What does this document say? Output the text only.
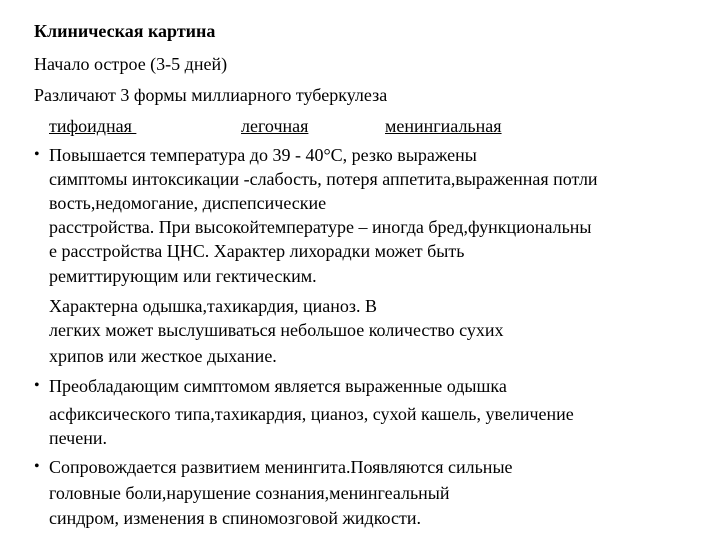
Клиническая картина
Начало острое (3-5 дней)
Различают 3 формы миллиарного туберкулеза
тифоидная	легочная	менингиальная
• Повышается температура до 39 - 40°С, резко выражены
симптомы интоксикации -слабость, потеря аппетита,выраженная потли
вость,недомогание, диспепсические
расстройства. При высокойтемпературе – иногда бред,функциональны
е расстройства ЦНС. Характер лихорадки может быть
ремиттирующим или гектическим.
Характерна одышка,тахикардия, цианоз. В
легких может выслушиваться небольшое количество сухих
хрипов или жесткое дыхание.
• Преобладающим симптомом является выраженные одышка
асфиксического типа,тахикардия, цианоз, сухой кашель, увеличение
печени.
• Сопровождается развитием менингита.Появляются сильные
головные боли,нарушение сознания,менингеальный
синдром, изменения в спиномозговой жидкости.
